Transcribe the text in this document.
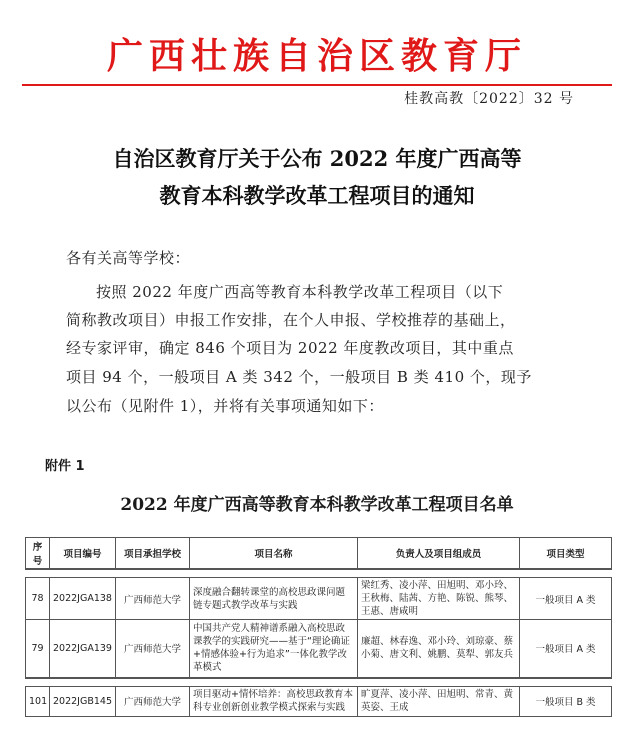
广西壮族自治区教育厅
桂教高教〔2022〕32 号
自治区教育厅关于公布 2022 年度广西高等
教育本科教学改革工程项目的通知
各有关高等学校：
按照 2022 年度广西高等教育本科教学改革工程项目（以下
简称教改项目）申报工作安排，在个人申报、学校推荐的基础上，
经专家评审，确定 846 个项目为 2022 年度教改项目，其中重点
项目 94 个，一般项目 A 类 342 个，一般项目 B 类 410 个，现予
以公布（见附件 1），并将有关事项通知如下：
附件 1
2022 年度广西高等教育本科教学改革工程项目名单
序号	项目编号	项目承担学校	项目名称	负责人及项目组成员	项目类型

78	2022JGA138	广西师范大学	深度融合翻转课堂的高校思政课问题链专题式教学改革与实践	梁红秀、凌小萍、田旭明、邓小玲、王秋梅、陆茜、方艳、陈锐、熊琴、王惠、唐咸明	一般项目 A 类
79	2022JGA139	广西师范大学	中国共产党人精神谱系融入高校思政课教学的实践研究——基于“理论确证+情感体验+行为追求”一体化教学改革模式	廉超、林春逸、邓小玲、刘琼豪、蔡小菊、唐文利、姚鹏、莫犁、郭友兵	一般项目 A 类

101	2022JGB145	广西师范大学	项目驱动+情怀培养：高校思政教育本科专业创新创业教学模式探索与实践	旷夏萍、凌小萍、田旭明、常青、黄英姿、王成	一般项目 B 类
